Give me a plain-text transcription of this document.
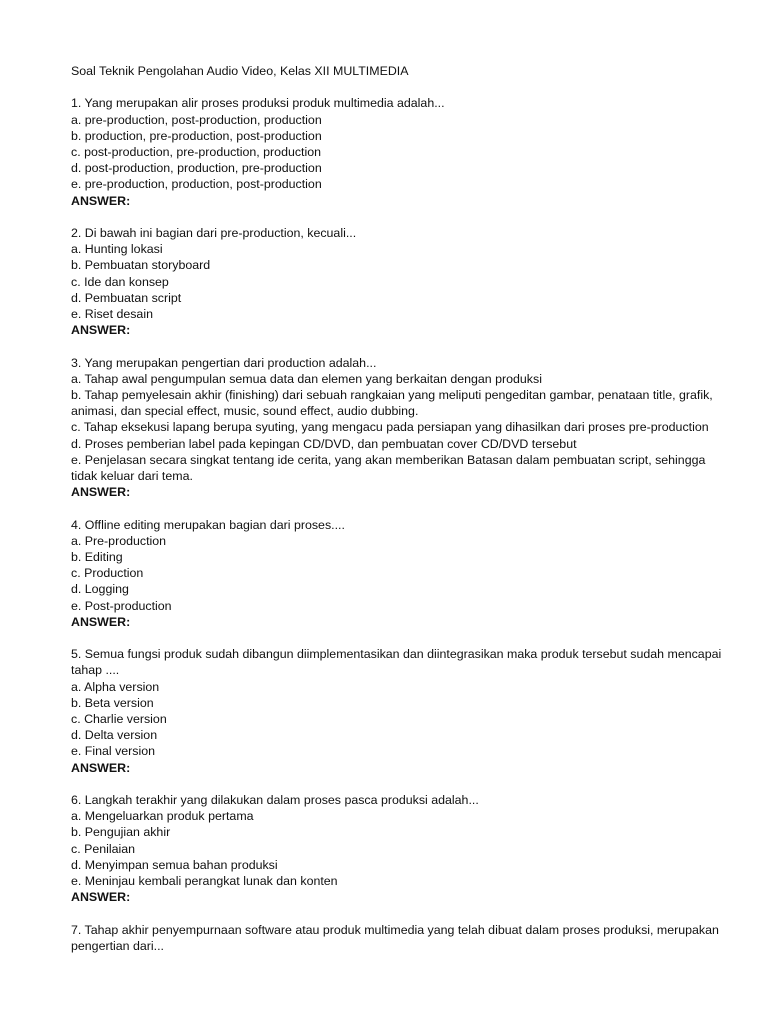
Soal Teknik Pengolahan Audio Video, Kelas XII MULTIMEDIA
1. Yang merupakan alir proses produksi produk multimedia adalah...
a. pre-production, post-production, production
b. production, pre-production, post-production
c. post-production, pre-production, production
d. post-production, production, pre-production
e. pre-production, production, post-production
ANSWER:
2. Di bawah ini bagian dari pre-production, kecuali...
a. Hunting lokasi
b. Pembuatan storyboard
c. Ide dan konsep
d. Pembuatan script
e. Riset desain
ANSWER:
3. Yang merupakan pengertian dari production adalah...
a. Tahap awal pengumpulan semua data dan elemen yang berkaitan dengan produksi
b. Tahap pemyelesain akhir (finishing) dari sebuah rangkaian yang meliputi pengeditan gambar, penataan title, grafik, animasi, dan special effect, music, sound effect, audio dubbing.
c. Tahap eksekusi lapang berupa syuting, yang mengacu pada persiapan yang dihasilkan dari proses pre-production
d. Proses pemberian label pada kepingan CD/DVD, dan pembuatan cover CD/DVD tersebut
e. Penjelasan secara singkat tentang ide cerita, yang akan memberikan Batasan dalam pembuatan script, sehingga tidak keluar dari tema.
ANSWER:
4. Offline editing merupakan bagian dari proses....
a. Pre-production
b. Editing
c. Production
d. Logging
e. Post-production
ANSWER:
5. Semua fungsi produk sudah dibangun diimplementasikan dan diintegrasikan maka produk tersebut sudah mencapai tahap ....
a. Alpha version
b. Beta version
c. Charlie version
d. Delta version
e. Final version
ANSWER:
6. Langkah terakhir yang dilakukan dalam proses pasca produksi adalah...
a. Mengeluarkan produk pertama
b. Pengujian akhir
c. Penilaian
d. Menyimpan semua bahan produksi
e. Meninjau kembali perangkat lunak dan konten
ANSWER:
7. Tahap akhir penyempurnaan software atau produk multimedia yang telah dibuat dalam proses produksi, merupakan pengertian dari...
